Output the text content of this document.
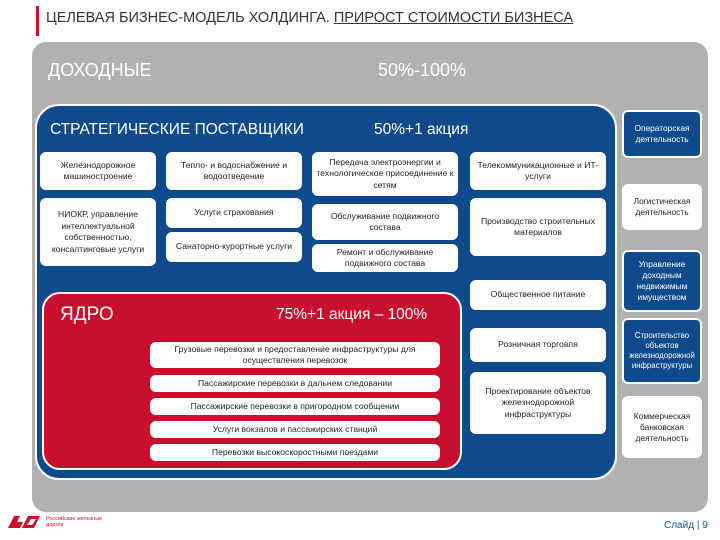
ЦЕЛЕВАЯ БИЗНЕС-МОДЕЛЬ ХОЛДИНГА. ПРИРОСТ СТОИМОСТИ БИЗНЕСА
ДОХОДНЫЕ	50%-100%
СТРАТЕГИЧЕСКИЕ ПОСТАВЩИКИ	50%+1 акция
Железнодорожное машиностроение
Тепло- и водоснабжение и водоотведение
Передача электроэнергии и технологическое присоединение к сетям
Телекоммуникационные и ИТ-услуги
НИОКР, управление интеллектуальной собственностью, консалтинговые услуги
Услуги страхования
Санаторно-курортные услуги
Обслуживание подвижного состава
Ремонт и обслуживание подвижного состава
Производство строительных материалов
Общественное питание
Розничная торговля
Проектирование объектов железнодорожной инфраструктуры
ЯДРО	75%+1 акция – 100%
Грузовые перевозки и предоставление инфраструктуры для осуществления перевозок
Пассажирские перевозки в дальнем следовании
Пассажирские перевозки в пригородном сообщении
Услуги вокзалов и пассажирских станций
Перевозки высокоскоростными поездами
Операторская деятельность
Логистическая деятельность
Управление доходным недвижимым имуществом
Строительство объектов железнодорожной инфраструктуры
Коммерческая банковская деятельность
Российские железные дороги	Слайд | 9
